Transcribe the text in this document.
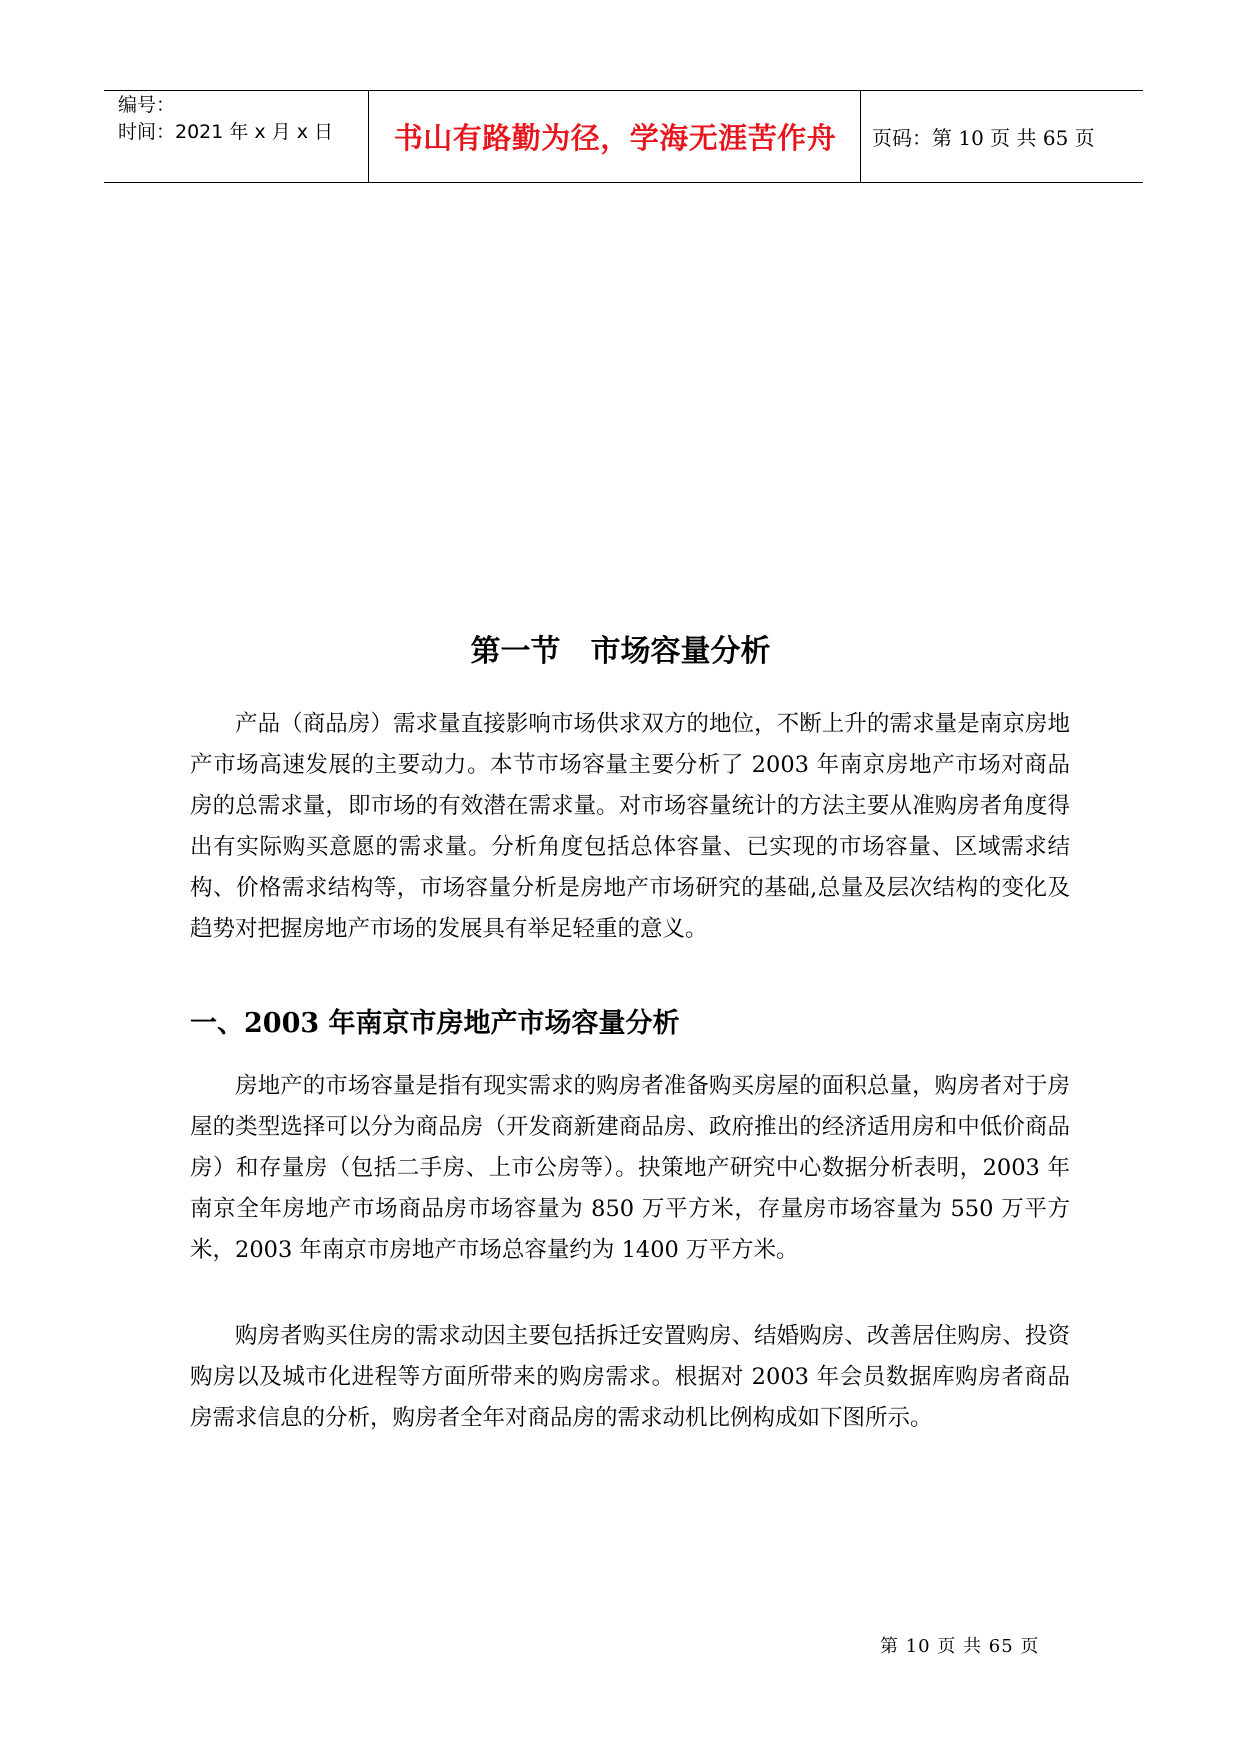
编号：
时间：2021 年 x 月 x 日	书山有路勤为径，学海无涯苦作舟	页码：第 10 页 共 65 页
第一节　市场容量分析

产品（商品房）需求量直接影响市场供求双方的地位，不断上升的需求量是南京房地产市场高速发展的主要动力。本节市场容量主要分析了 2003 年南京房地产市场对商品房的总需求量，即市场的有效潜在需求量。对市场容量统计的方法主要从准购房者角度得出有实际购买意愿的需求量。分析角度包括总体容量、已实现的市场容量、区域需求结构、价格需求结构等，市场容量分析是房地产市场研究的基础,总量及层次结构的变化及趋势对把握房地产市场的发展具有举足轻重的意义。

一、2003 年南京市房地产市场容量分析

房地产的市场容量是指有现实需求的购房者准备购买房屋的面积总量，购房者对于房屋的类型选择可以分为商品房（开发商新建商品房、政府推出的经济适用房和中低价商品房）和存量房（包括二手房、上市公房等）。抉策地产研究中心数据分析表明，2003 年南京全年房地产市场商品房市场容量为 850 万平方米，存量房市场容量为 550 万平方米，2003 年南京市房地产市场总容量约为 1400 万平方米。

购房者购买住房的需求动因主要包括拆迁安置购房、结婚购房、改善居住购房、投资购房以及城市化进程等方面所带来的购房需求。根据对 2003 年会员数据库购房者商品房需求信息的分析，购房者全年对商品房的需求动机比例构成如下图所示。

第 10 页 共 65 页
